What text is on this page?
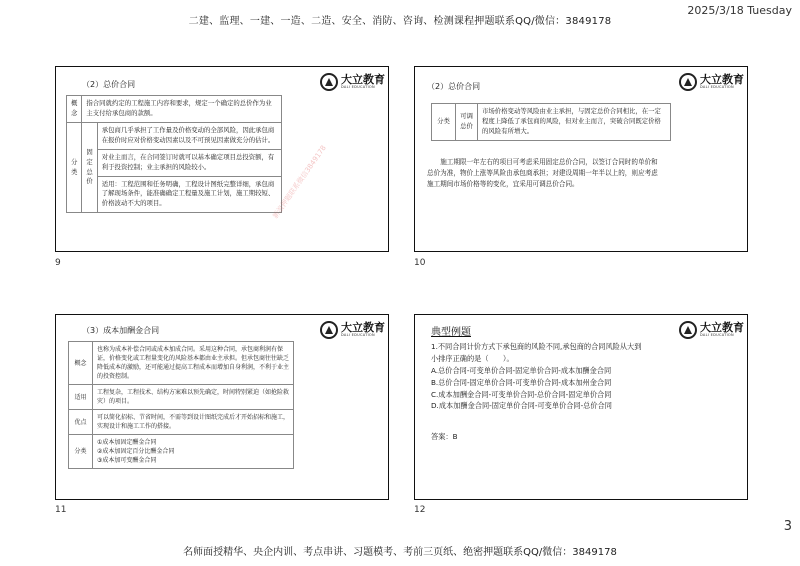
二建、监理、一建、一造、二造、安全、消防、咨询、检测课程押题联系QQ/微信：3849178
2025/3/18 Tuesday
名师面授精华、央企内训、考点串讲、习题模考、考前三页纸、绝密押题联系QQ/微信：3849178
3
（2）总价合同	大立教育
DALI EDUCATION
概念	指合同就约定的工程施工内容和要求，规定一个确定的总价作为业主支付给承包商的款额。	
分类	固定总价	承包商几乎承担了工作量及价格变动的全部风险，因此承包商在报价时应对价格变动因素以及不可预见因素做充分的估计。
		对业主而言，在合同签订时就可以基本确定项目总投资额，有利于投资控制；业主承担的风险较小。
		适用：工程范围和任务明确，工程设计图纸完整详细，承包商了解现场条件，能准确确定工程量及施工计划，施工期较短、价格波动不大的项目。	新浪押题联系微信3849178
9
（2）总价合同
大立教育
DALI EDUCATION
分类	可调总价	市场价格变动等风险由业主承担，与固定总价合同相比，在一定程度上降低了承包商的风险，但对业主而言，突破合同既定价格的风险有所增大。
施工期限一年左右的项目可考虑采用固定总价合同，以签订合同时的单价和总价为准，物价上涨等风险由承包商承担；对建设周期一年半以上的，则应考虑施工期间市场价格等的变化，宜采用可调总价合同。
10
（3）成本加酬金合同	大立教育
DALI EDUCATION
概念	也称为成本补偿合同或成本加成合同。采用这种合同，承包商利润有保证，价格变化或工程量变化的风险基本都由业主承担。但承包商往往缺乏降低成本的激励，还可能通过提高工程成本而增加自身利润，不利于业主的投资控制。
适用	工程复杂，工程技术、结构方案难以预先确定，时间特别紧迫（如抢险救灾）的项目。
优点	可以简化招标、节省时间，不需等到设计图纸完成后才开始招标和施工，实现设计和施工工作的搭接。
分类	①成本加固定酬金合同
②成本加固定百分比酬金合同
③成本加可变酬金合同
11
典型例题	大立教育
DALI EDUCATION
1.不同合同计价方式下承包商的风险不同,承包商的合同风险从大到
小排序正确的是（　　）。
A.总价合同-可变单价合同-固定单价合同-成本加酬金合同
B.总价合同-固定单价合同-可变单价合同-成本加州金合同
C.成本加酬金合同-可变单价合同-总价合同-固定单价合同
D.成本加酬金合同-固定单价合同-可变单价合同-总价合同
答案：B
12
